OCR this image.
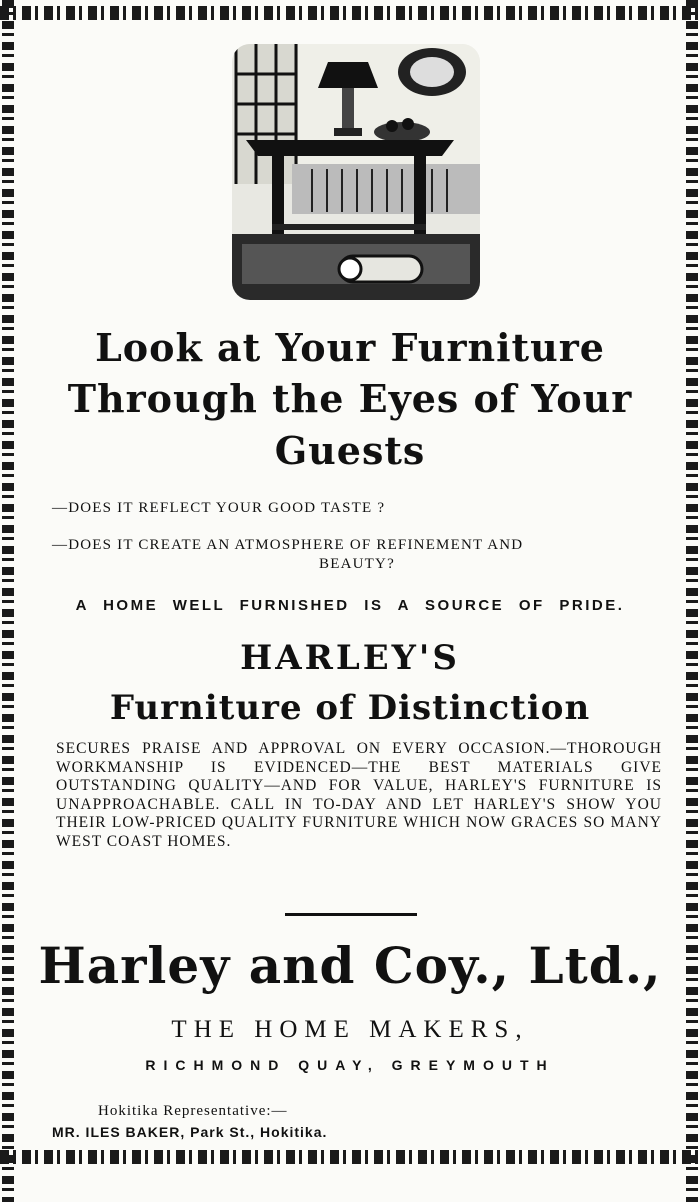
Look at Your Furniture
Through the Eyes of Your
Guests
—DOES IT REFLECT YOUR GOOD TASTE ?
—DOES IT CREATE AN ATMOSPHERE OF REFINEMENT AND
BEAUTY?
A HOME WELL FURNISHED IS A SOURCE OF PRIDE.
HARLEY'S
Furniture of Distinction
SECURES PRAISE AND APPROVAL ON EVERY OCCASION.—THOROUGH WORKMANSHIP IS EVIDENCED—THE BEST MATERIALS GIVE OUTSTANDING QUALITY—AND FOR VALUE, HARLEY'S FURNITURE IS UNAPPROACHABLE. CALL IN TO-DAY AND LET HARLEY'S SHOW YOU THEIR LOW-PRICED QUALITY FURNITURE WHICH NOW GRACES SO MANY WEST COAST HOMES.
Harley and Coy., Ltd.,
THE HOME MAKERS,
RICHMOND QUAY, GREYMOUTH
Hokitika Representative:—
MR. ILES BAKER, Park St., Hokitika.
